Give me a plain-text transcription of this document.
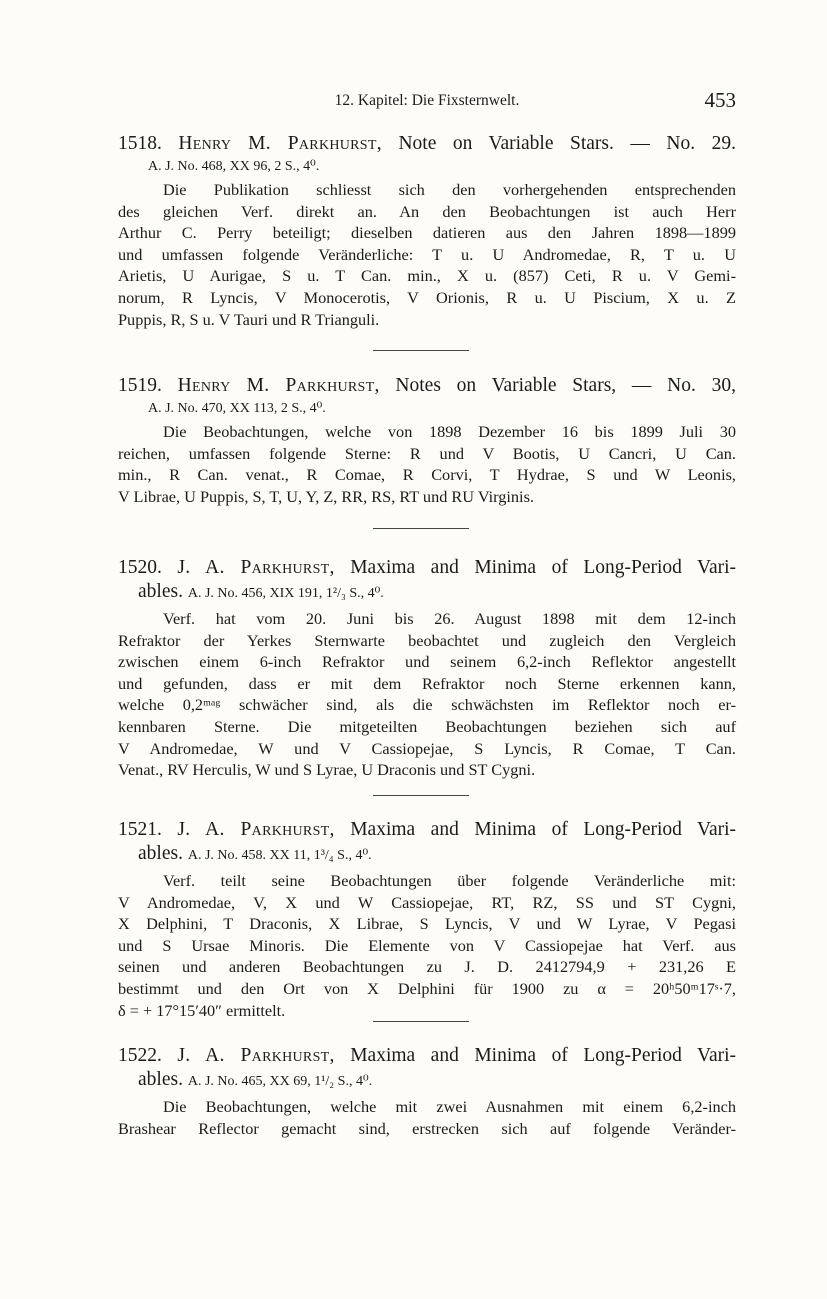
12. Kapitel: Die Fixsternwelt.	453
1518. Henry M. Parkhurst, Note on Variable Stars. — No. 29.
A. J. No. 468, XX 96, 2 S., 4⁰.
Die Publikation schliesst sich den vorhergehenden entsprechenden
des gleichen Verf. direkt an. An den Beobachtungen ist auch Herr
Arthur C. Perry beteiligt; dieselben datieren aus den Jahren 1898—1899
und umfassen folgende Veränderliche: T u. U Andromedae, R, T u. U
Arietis, U Aurigae, S u. T Can. min., X u. (857) Ceti, R u. V Gemi-
norum, R Lyncis, V Monocerotis, V Orionis, R u. U Piscium, X u. Z
Puppis, R, S u. V Tauri und R Trianguli.
1519. Henry M. Parkhurst, Notes on Variable Stars, — No. 30,
A. J. No. 470, XX 113, 2 S., 4⁰.
Die Beobachtungen, welche von 1898 Dezember 16 bis 1899 Juli 30
reichen, umfassen folgende Sterne: R und V Bootis, U Cancri, U Can.
min., R Can. venat., R Comae, R Corvi, T Hydrae, S und W Leonis,
V Librae, U Puppis, S, T, U, Y, Z, RR, RS, RT und RU Virginis.
1520. J. A. Parkhurst, Maxima and Minima of Long-Period Vari-
ables. A. J. No. 456, XIX 191, 1²/₃ S., 4⁰.
Verf. hat vom 20. Juni bis 26. August 1898 mit dem 12-inch
Refraktor der Yerkes Sternwarte beobachtet und zugleich den Vergleich
zwischen einem 6-inch Refraktor und seinem 6,2-inch Reflektor angestellt
und gefunden, dass er mit dem Refraktor noch Sterne erkennen kann,
welche 0,2ᵐᵃᵍ schwächer sind, als die schwächsten im Reflektor noch er-
kennbaren Sterne. Die mitgeteilten Beobachtungen beziehen sich auf
V Andromedae, W und V Cassiopejae, S Lyncis, R Comae, T Can.
Venat., RV Herculis, W und S Lyrae, U Draconis und ST Cygni.
1521. J. A. Parkhurst, Maxima and Minima of Long-Period Vari-
ables. A. J. No. 458. XX 11, 1³/₄ S., 4⁰.
Verf. teilt seine Beobachtungen über folgende Veränderliche mit:
V Andromedae, V, X und W Cassiopejae, RT, RZ, SS und ST Cygni,
X Delphini, T Draconis, X Librae, S Lyncis, V und W Lyrae, V Pegasi
und S Ursae Minoris. Die Elemente von V Cassiopejae hat Verf. aus
seinen und anderen Beobachtungen zu J. D. 2412794,9 + 231,26 E
bestimmt und den Ort von X Delphini für 1900 zu α = 20ʰ50ᵐ17ˢ·7,
δ = + 17°15′40″ ermittelt.
1522. J. A. Parkhurst, Maxima and Minima of Long-Period Vari-
ables. A. J. No. 465, XX 69, 1¹/₂ S., 4⁰.
Die Beobachtungen, welche mit zwei Ausnahmen mit einem 6,2-inch
Brashear Reflector gemacht sind, erstrecken sich auf folgende Veränder-
